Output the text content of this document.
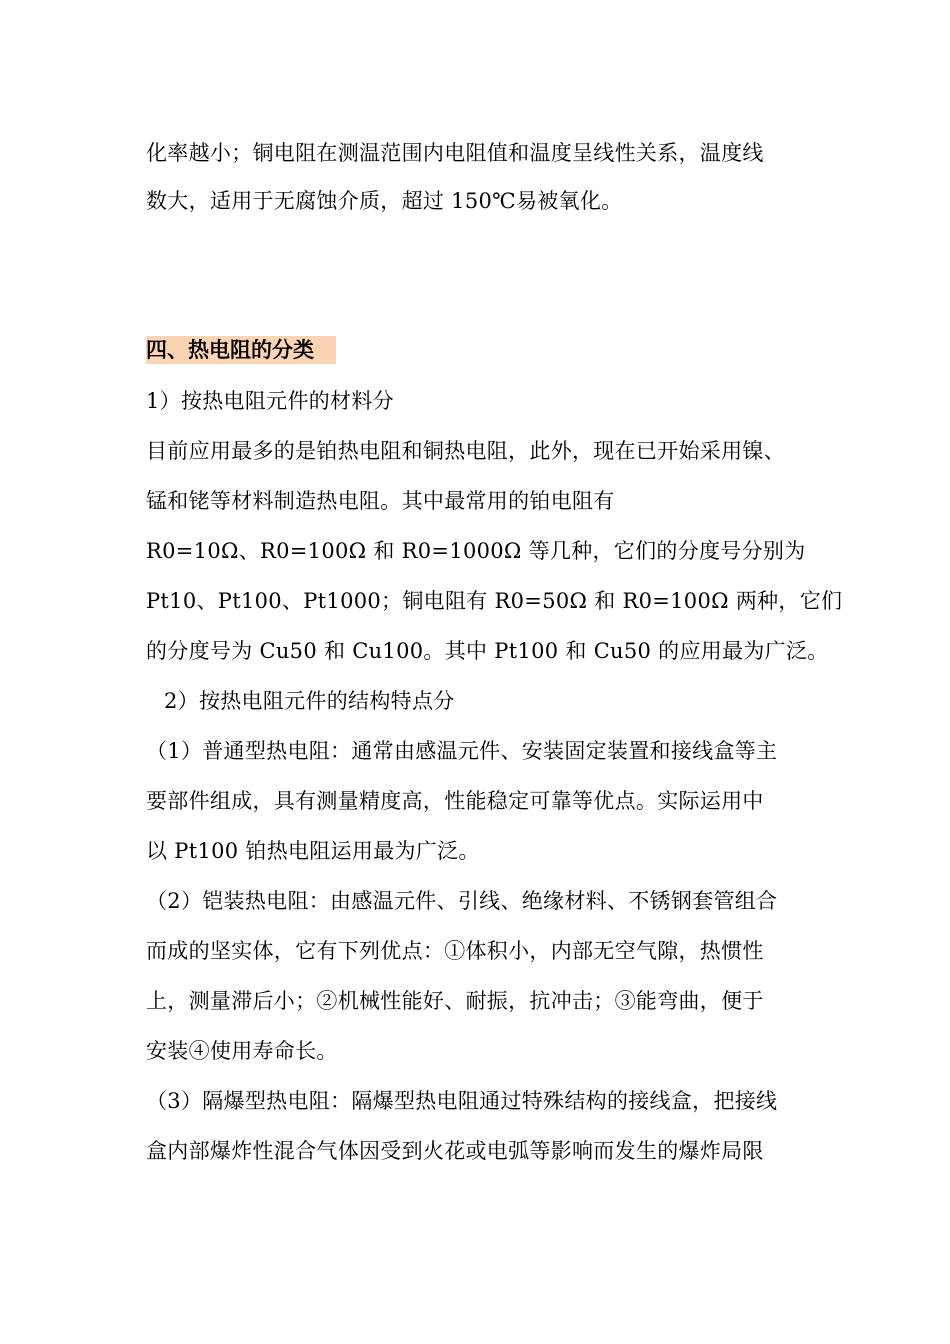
化率越小；铜电阻在测温范围内电阻值和温度呈线性关系，温度线
数大，适用于无腐蚀介质，超过 150℃易被氧化。
四、热电阻的分类
1）按热电阻元件的材料分
目前应用最多的是铂热电阻和铜热电阻，此外，现在已开始采用镍、
锰和铑等材料制造热电阻。其中最常用的铂电阻有
R0=10Ω、R0=100Ω 和 R0=1000Ω 等几种，它们的分度号分别为
Pt10、Pt100、Pt1000；铜电阻有 R0=50Ω 和 R0=100Ω 两种，它们
的分度号为 Cu50 和 Cu100。其中 Pt100 和 Cu50 的应用最为广泛。
2）按热电阻元件的结构特点分
（1）普通型热电阻：通常由感温元件、安装固定装置和接线盒等主
要部件组成，具有测量精度高，性能稳定可靠等优点。实际运用中
以 Pt100 铂热电阻运用最为广泛。
（2）铠装热电阻：由感温元件、引线、绝缘材料、不锈钢套管组合
而成的坚实体，它有下列优点：①体积小，内部无空气隙，热惯性
上，测量滞后小；②机械性能好、耐振，抗冲击；③能弯曲，便于
安装④使用寿命长。
（3）隔爆型热电阻：隔爆型热电阻通过特殊结构的接线盒，把接线
盒内部爆炸性混合气体因受到火花或电弧等影响而发生的爆炸局限
